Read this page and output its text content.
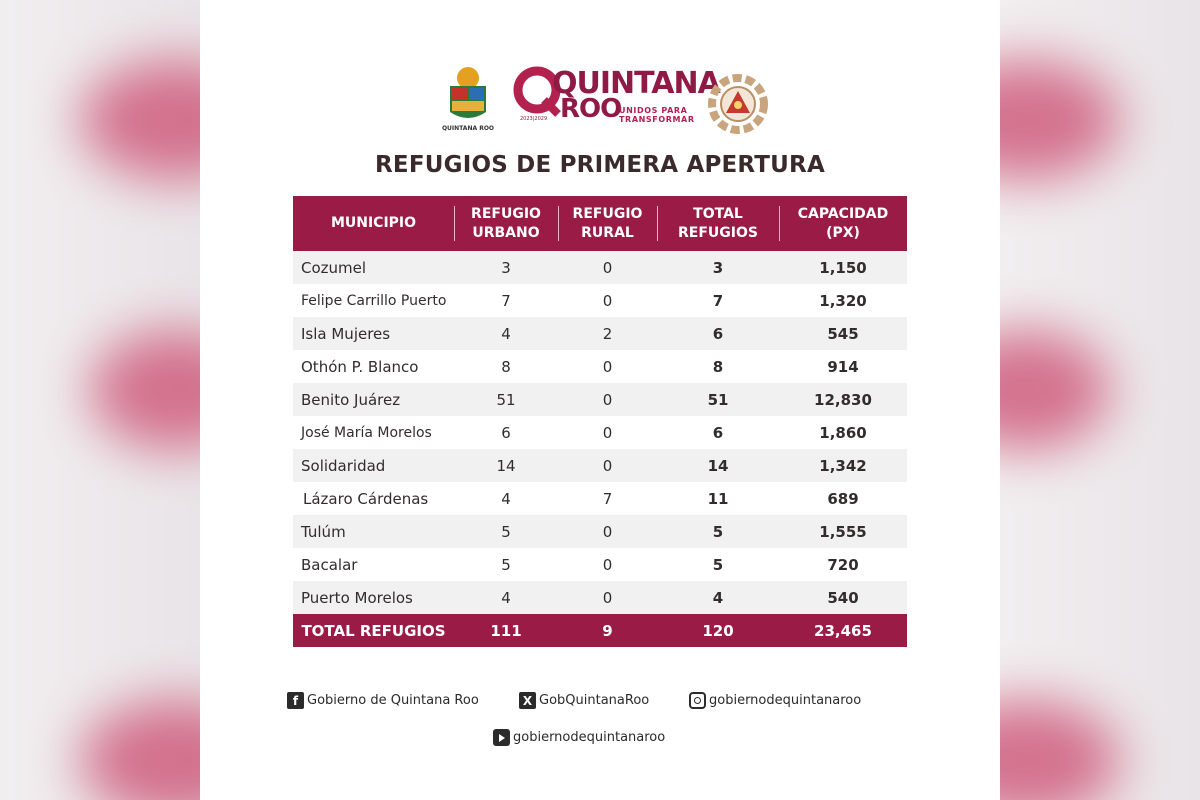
QUINTANA ROO
QUINTANA
ROO
UNIDOS PARA TRANSFORMAR
2023|2029
REFUGIOS DE PRIMERA APERTURA
MUNICIPIO	REFUGIO URBANO	REFUGIO RURAL	TOTAL REFUGIOS	CAPACIDAD (PX)
Cozumel	3	0	3	1,150
Felipe Carrillo Puerto	7	0	7	1,320
Isla Mujeres	4	2	6	545
Othón P. Blanco	8	0	8	914
Benito Juárez	51	0	51	12,830
José María Morelos	6	0	6	1,860
Solidaridad	14	0	14	1,342
Lázaro Cárdenas	4	7	11	689
Tulúm	5	0	5	1,555
Bacalar	5	0	5	720
Puerto Morelos	4	0	4	540
TOTAL REFUGIOS	111	9	120	23,465
f Gobierno de Quintana Roo	X GobQuintanaRoo	gobiernodequintanaroo
gobiernodequintanaroo
